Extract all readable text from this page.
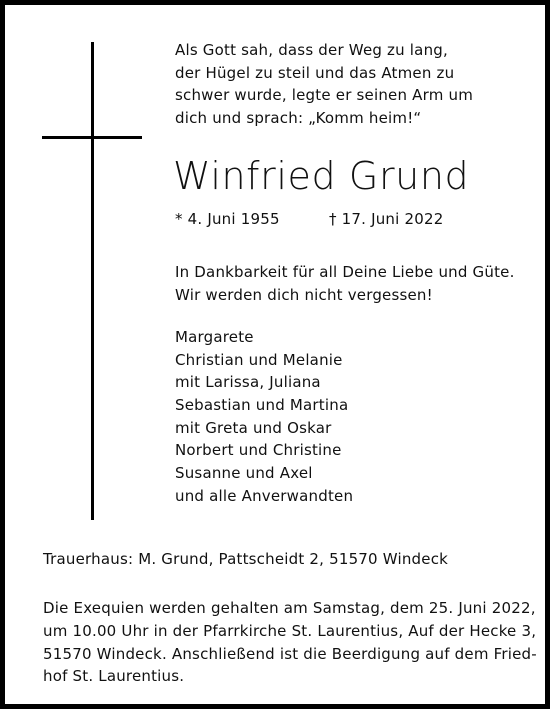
Als Gott sah, dass der Weg zu lang,
der Hügel zu steil und das Atmen zu
schwer wurde, legte er seinen Arm um
dich und sprach: „Komm heim!“
Winfried Grund
* 4. Juni 1955	† 17. Juni 2022
In Dankbarkeit für all Deine Liebe und Güte.
Wir werden dich nicht vergessen!
Margarete
Christian und Melanie
mit Larissa, Juliana
Sebastian und Martina
mit Greta und Oskar
Norbert und Christine
Susanne und Axel
und alle Anverwandten
Trauerhaus: M. Grund, Pattscheidt 2, 51570 Windeck
Die Exequien werden gehalten am Samstag, dem 25. Juni 2022,
um 10.00 Uhr in der Pfarrkirche St. Laurentius, Auf der Hecke 3,
51570 Windeck. Anschließend ist die Beerdigung auf dem Fried-
hof St. Laurentius.
